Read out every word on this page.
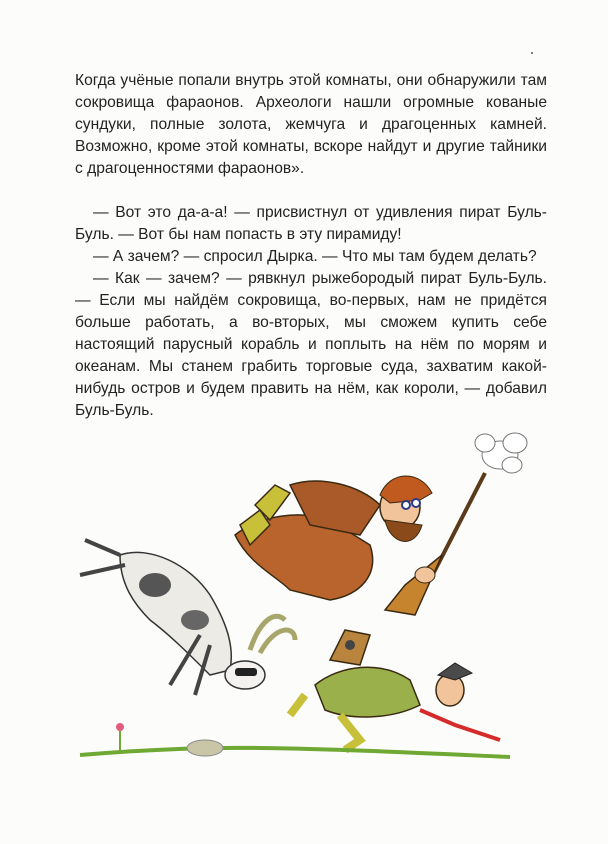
Когда учёные попали внутрь этой комнаты, они обнаружили там сокровища фараонов. Археологи нашли огромные кованые сундуки, полные золота, жемчуга и драгоценных камней. Возможно, кроме этой комнаты, вскоре найдут и другие тайники с драгоценностями фараонов».

— Вот это да-а-а! — присвистнул от удивления пират Буль-Буль. — Вот бы нам попасть в эту пирамиду!

— А зачем? — спросил Дырка. — Что мы там будем делать?

— Как — зачем? — рявкнул рыжебородый пират Буль-Буль. — Если мы найдём сокровища, во-первых, нам не придётся больше работать, а во-вторых, мы сможем купить себе настоящий парусный корабль и поплыть на нём по морям и океанам. Мы станем грабить торговые суда, захватим какой-нибудь остров и будем править на нём, как короли, — добавил Буль-Буль.
